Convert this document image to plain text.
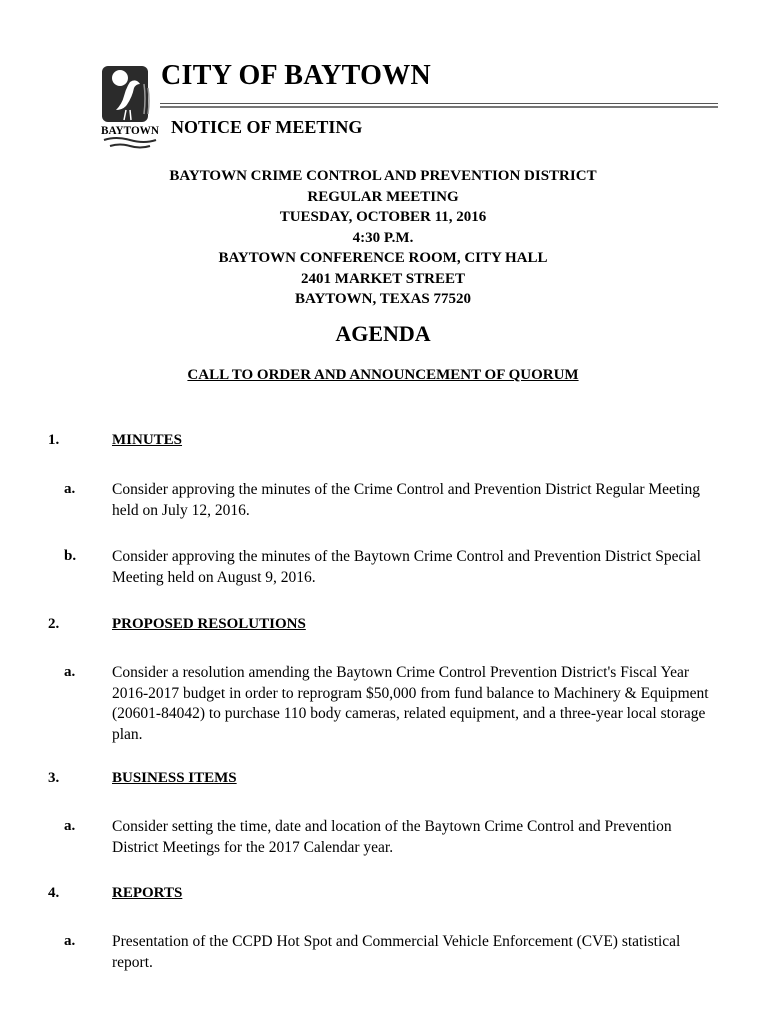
BAYTOWN
CITY OF BAYTOWN
NOTICE OF MEETING
BAYTOWN CRIME CONTROL AND PREVENTION DISTRICT
REGULAR MEETING
TUESDAY, OCTOBER 11, 2016
4:30 P.M.
BAYTOWN CONFERENCE ROOM, CITY HALL
2401 MARKET STREET
BAYTOWN, TEXAS 77520
AGENDA
CALL TO ORDER AND ANNOUNCEMENT OF QUORUM
1.	MINUTES
a. Consider approving the minutes of the Crime Control and Prevention District Regular Meeting held on July 12, 2016.
b. Consider approving the minutes of the Baytown Crime Control and Prevention District Special Meeting held on August 9, 2016.
2.	PROPOSED RESOLUTIONS
a. Consider a resolution amending the Baytown Crime Control Prevention District's Fiscal Year 2016-2017 budget in order to reprogram $50,000 from fund balance to Machinery & Equipment (20601-84042) to purchase 110 body cameras, related equipment, and a three-year local storage plan.
3.	BUSINESS ITEMS
a. Consider setting the time, date and location of the Baytown Crime Control and Prevention District Meetings for the 2017 Calendar year.
4.	REPORTS
a. Presentation of the CCPD Hot Spot and Commercial Vehicle Enforcement (CVE) statistical report.
